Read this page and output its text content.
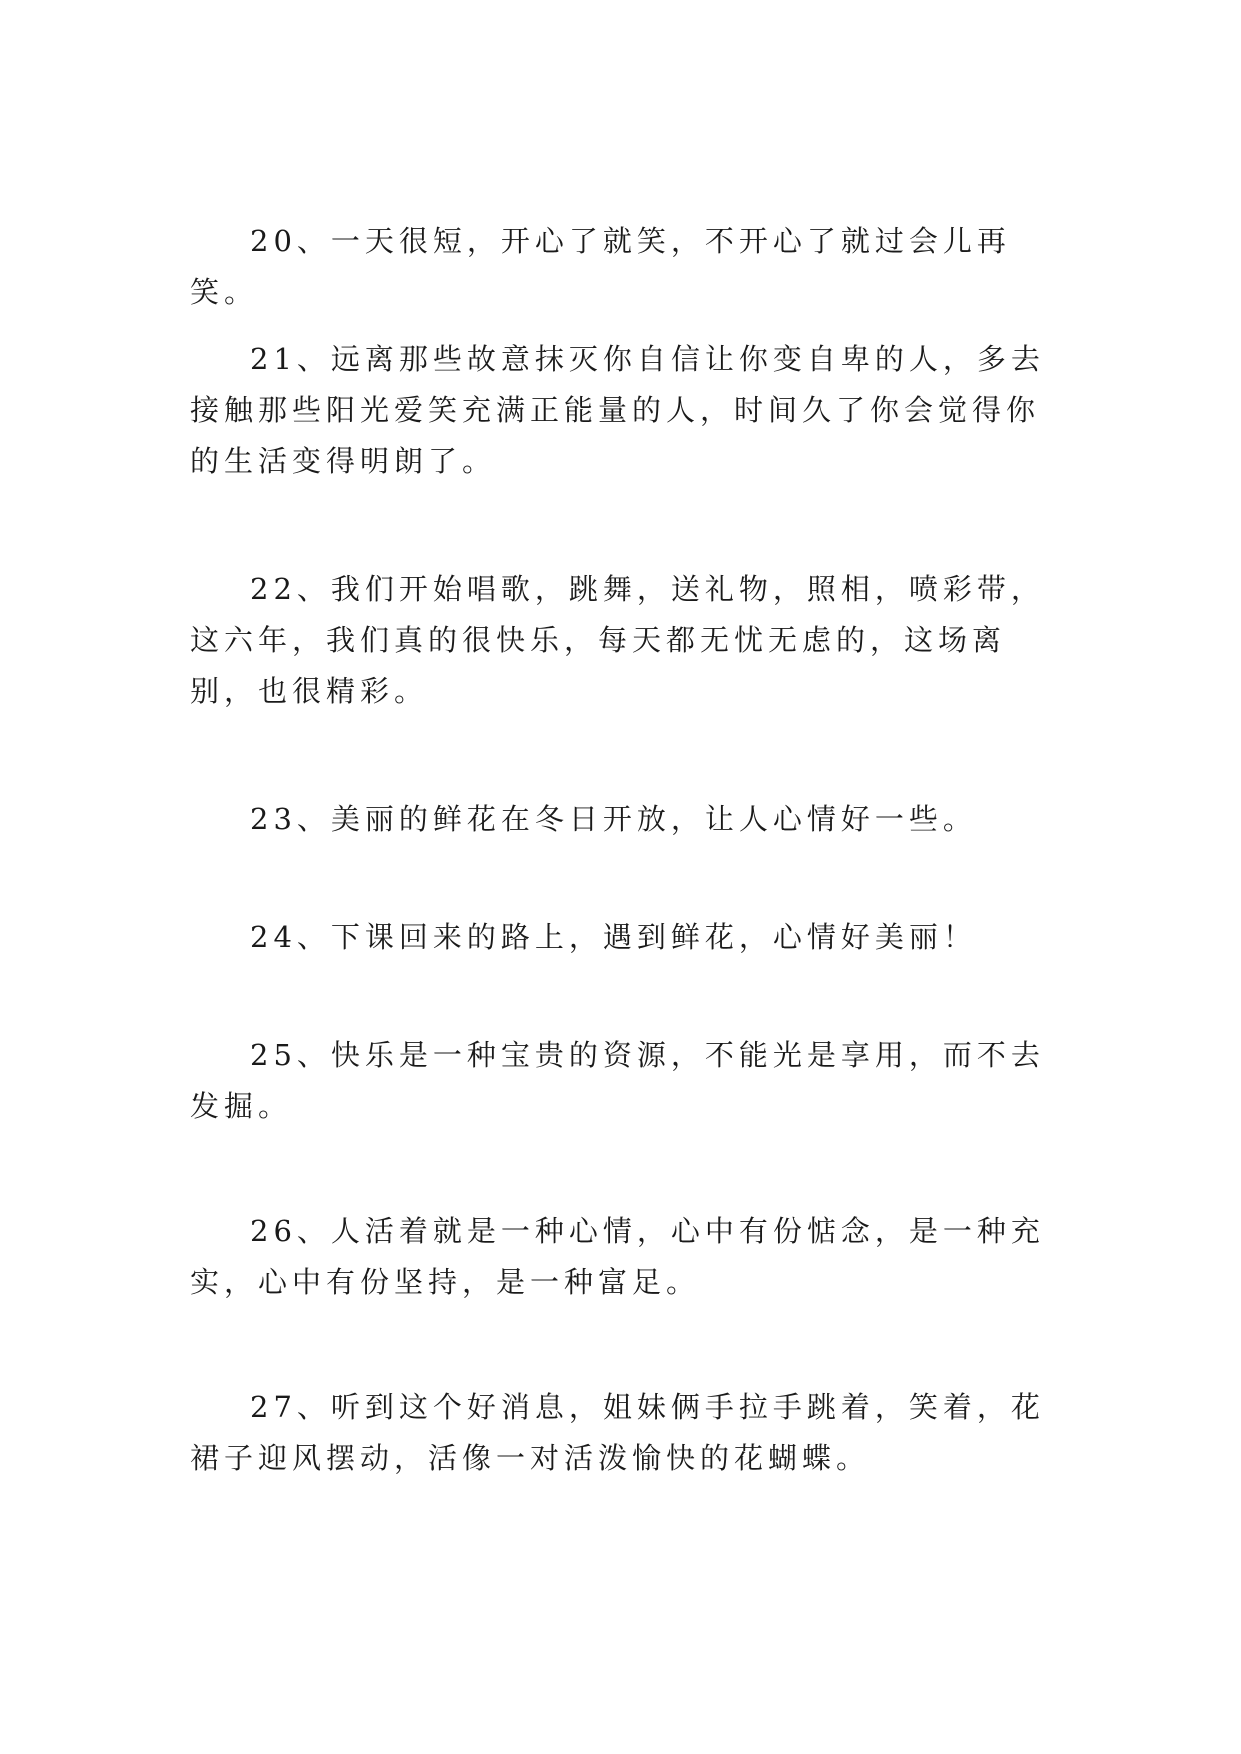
20、一天很短，开心了就笑，不开心了就过会儿再笑。

21、远离那些故意抹灭你自信让你变自卑的人，多去接触那些阳光爱笑充满正能量的人，时间久了你会觉得你的生活变得明朗了。

22、我们开始唱歌，跳舞，送礼物，照相，喷彩带，这六年，我们真的很快乐，每天都无忧无虑的，这场离别，也很精彩。

23、美丽的鲜花在冬日开放，让人心情好一些。

24、下课回来的路上，遇到鲜花，心情好美丽！

25、快乐是一种宝贵的资源，不能光是享用，而不去发掘。

26、人活着就是一种心情，心中有份惦念，是一种充实，心中有份坚持，是一种富足。

27、听到这个好消息，姐妹俩手拉手跳着，笑着，花裙子迎风摆动，活像一对活泼愉快的花蝴蝶。
